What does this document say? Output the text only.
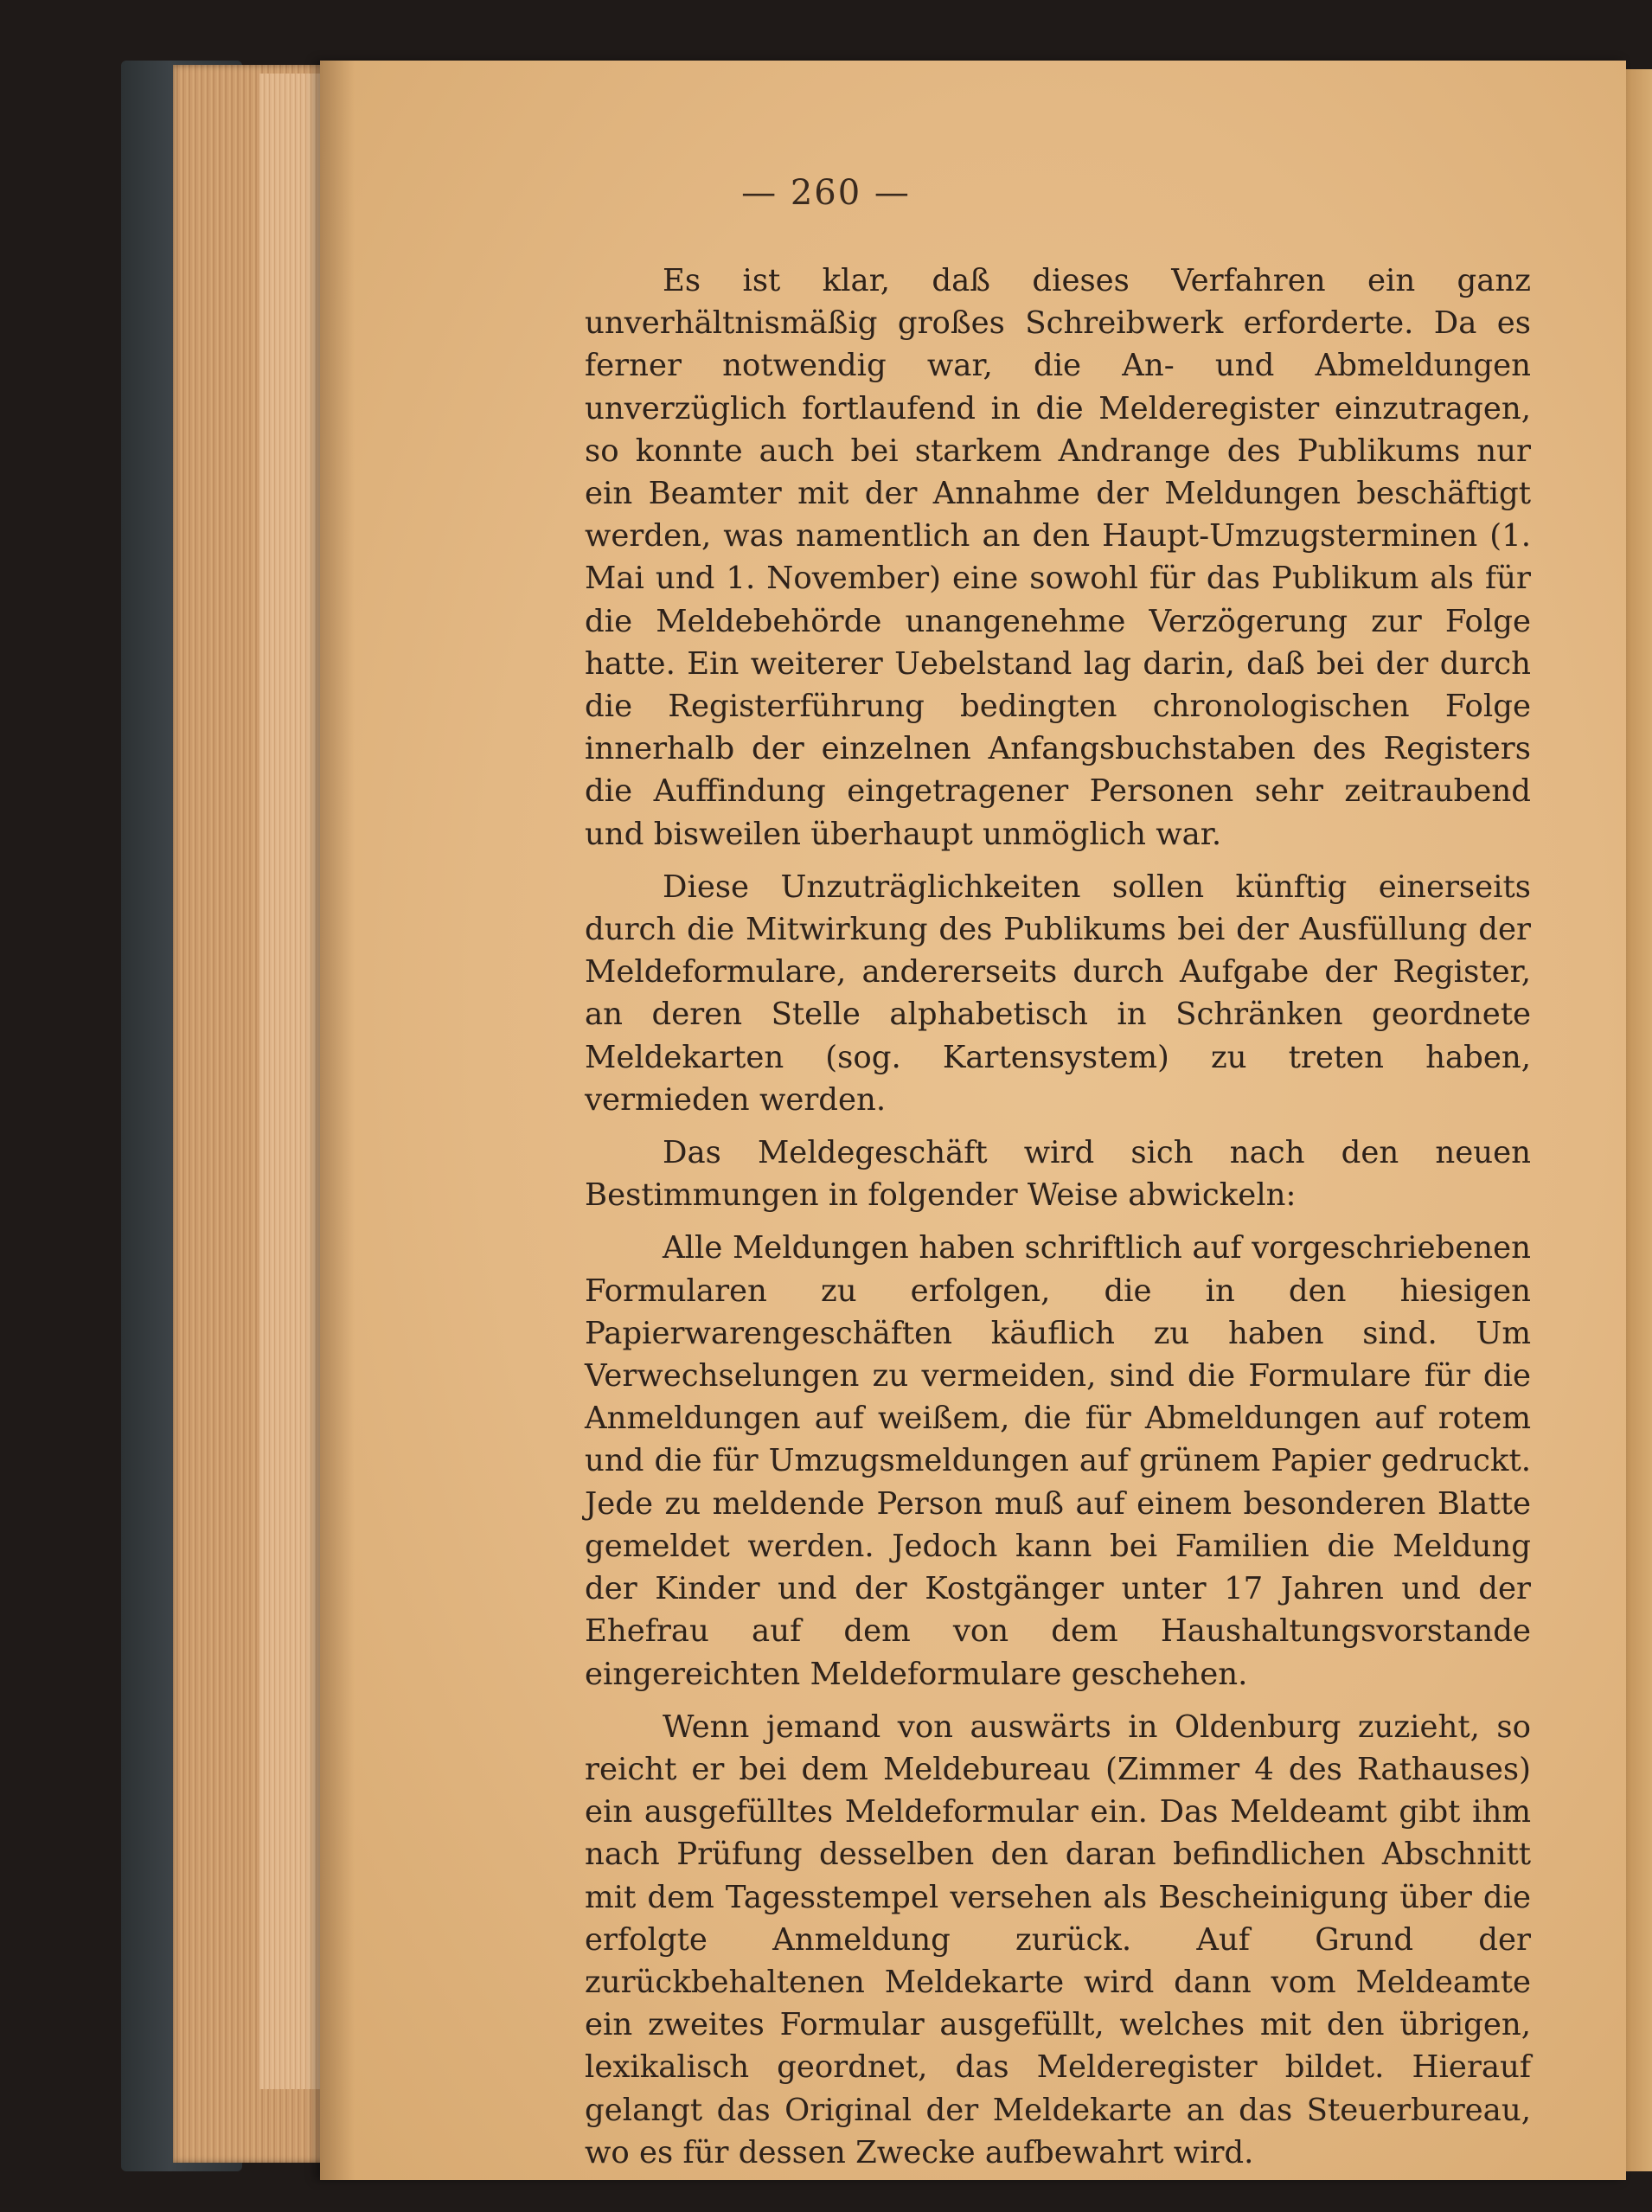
— 260 —

Es ist klar, daß dieses Verfahren ein ganz unverhältnismäßig großes Schreibwerk erforderte. Da es ferner notwendig war, die An- und Abmeldungen unverzüglich fortlaufend in die Melderegister einzutragen, so konnte auch bei starkem Andrange des Publikums nur ein Beamter mit der Annahme der Meldungen beschäftigt werden, was namentlich an den Haupt-Umzugsterminen (1. Mai und 1. November) eine sowohl für das Publikum als für die Meldebehörde unangenehme Verzögerung zur Folge hatte. Ein weiterer Uebelstand lag darin, daß bei der durch die Registerführung bedingten chronologischen Folge innerhalb der einzelnen Anfangsbuchstaben des Registers die Auffindung eingetragener Personen sehr zeitraubend und bisweilen überhaupt unmöglich war.

Diese Unzuträglichkeiten sollen künftig einerseits durch die Mitwirkung des Publikums bei der Ausfüllung der Meldeformulare, andererseits durch Aufgabe der Register, an deren Stelle alphabetisch in Schränken geordnete Meldekarten (sog. Kartensystem) zu treten haben, vermieden werden.

Das Meldegeschäft wird sich nach den neuen Bestimmungen in folgender Weise abwickeln:

Alle Meldungen haben schriftlich auf vorgeschriebenen Formularen zu erfolgen, die in den hiesigen Papierwarengeschäften käuflich zu haben sind. Um Verwechselungen zu vermeiden, sind die Formulare für die Anmeldungen auf weißem, die für Abmeldungen auf rotem und die für Umzugsmeldungen auf grünem Papier gedruckt. Jede zu meldende Person muß auf einem besonderen Blatte gemeldet werden. Jedoch kann bei Familien die Meldung der Kinder und der Kostgänger unter 17 Jahren und der Ehefrau auf dem von dem Haushaltungsvorstande eingereichten Meldeformulare geschehen.

Wenn jemand von auswärts in Oldenburg zuzieht, so reicht er bei dem Meldebureau (Zimmer 4 des Rathauses) ein ausgefülltes Meldeformular ein. Das Meldeamt gibt ihm nach Prüfung desselben den daran befindlichen Abschnitt mit dem Tagesstempel versehen als Bescheinigung über die erfolgte Anmeldung zurück. Auf Grund der zurückbehaltenen Meldekarte wird dann vom Meldeamte ein zweites Formular ausgefüllt, welches mit den übrigen, lexikalisch geordnet, das Melderegister bildet. Hierauf gelangt das Original der Meldekarte an das Steuerbureau, wo es für dessen Zwecke aufbewahrt wird.
